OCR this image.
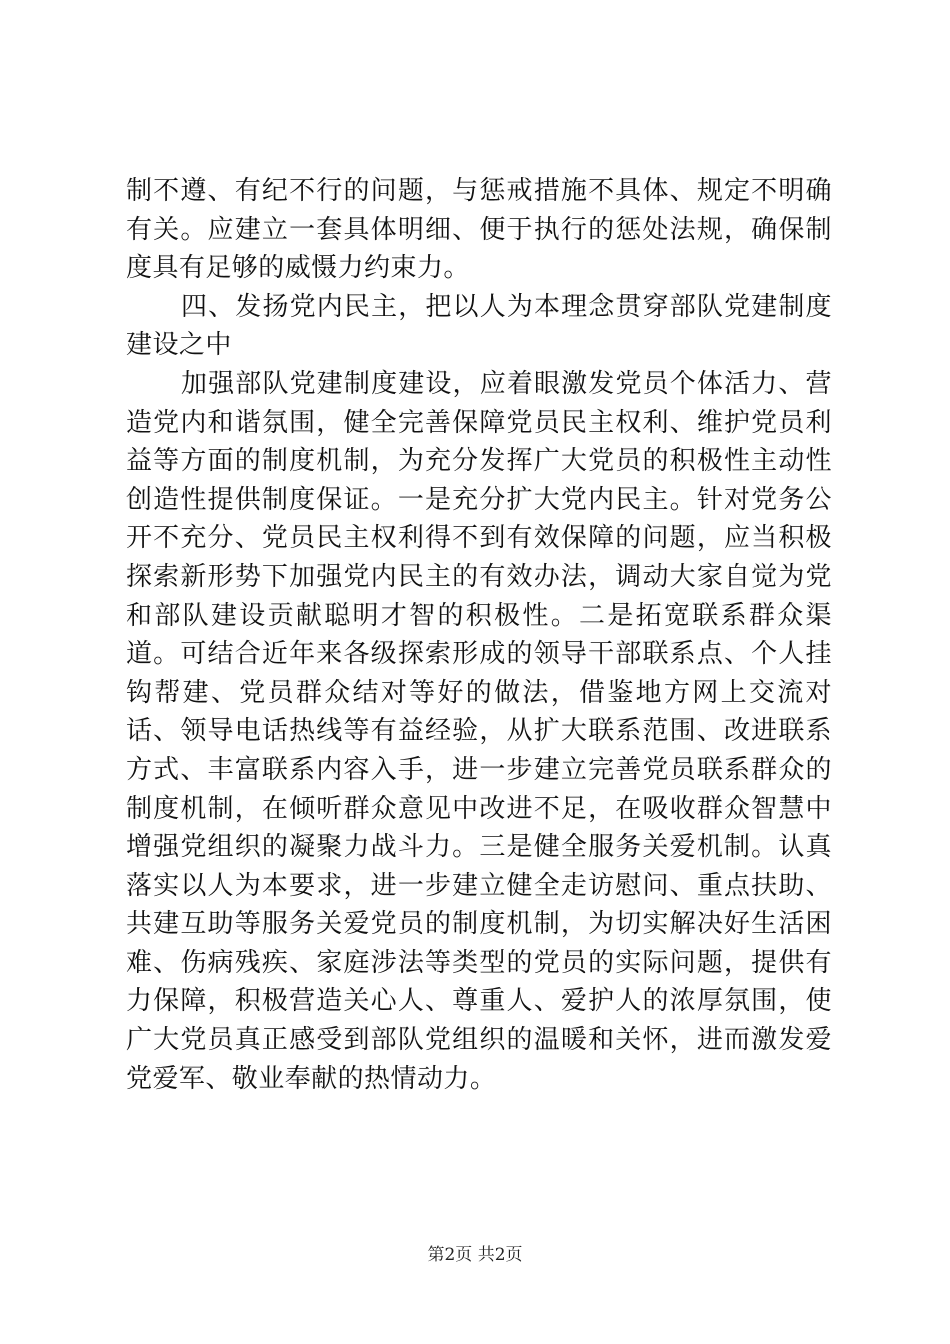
制不遵、有纪不行的问题，与惩戒措施不具体、规定不明确有关。应建立一套具体明细、便于执行的惩处法规，确保制度具有足够的威慑力约束力。

四、发扬党内民主，把以人为本理念贯穿部队党建制度建设之中

加强部队党建制度建设，应着眼激发党员个体活力、营造党内和谐氛围，健全完善保障党员民主权利、维护党员利益等方面的制度机制，为充分发挥广大党员的积极性主动性创造性提供制度保证。一是充分扩大党内民主。针对党务公开不充分、党员民主权利得不到有效保障的问题，应当积极探索新形势下加强党内民主的有效办法，调动大家自觉为党和部队建设贡献聪明才智的积极性。二是拓宽联系群众渠道。可结合近年来各级探索形成的领导干部联系点、个人挂钩帮建、党员群众结对等好的做法，借鉴地方网上交流对话、领导电话热线等有益经验，从扩大联系范围、改进联系方式、丰富联系内容入手，进一步建立完善党员联系群众的制度机制，在倾听群众意见中改进不足，在吸收群众智慧中增强党组织的凝聚力战斗力。三是健全服务关爱机制。认真落实以人为本要求，进一步建立健全走访慰问、重点扶助、共建互助等服务关爱党员的制度机制，为切实解决好生活困难、伤病残疾、家庭涉法等类型的党员的实际问题，提供有力保障，积极营造关心人、尊重人、爱护人的浓厚氛围，使广大党员真正感受到部队党组织的温暖和关怀，进而激发爱党爱军、敬业奉献的热情动力。

第2页 共2页
